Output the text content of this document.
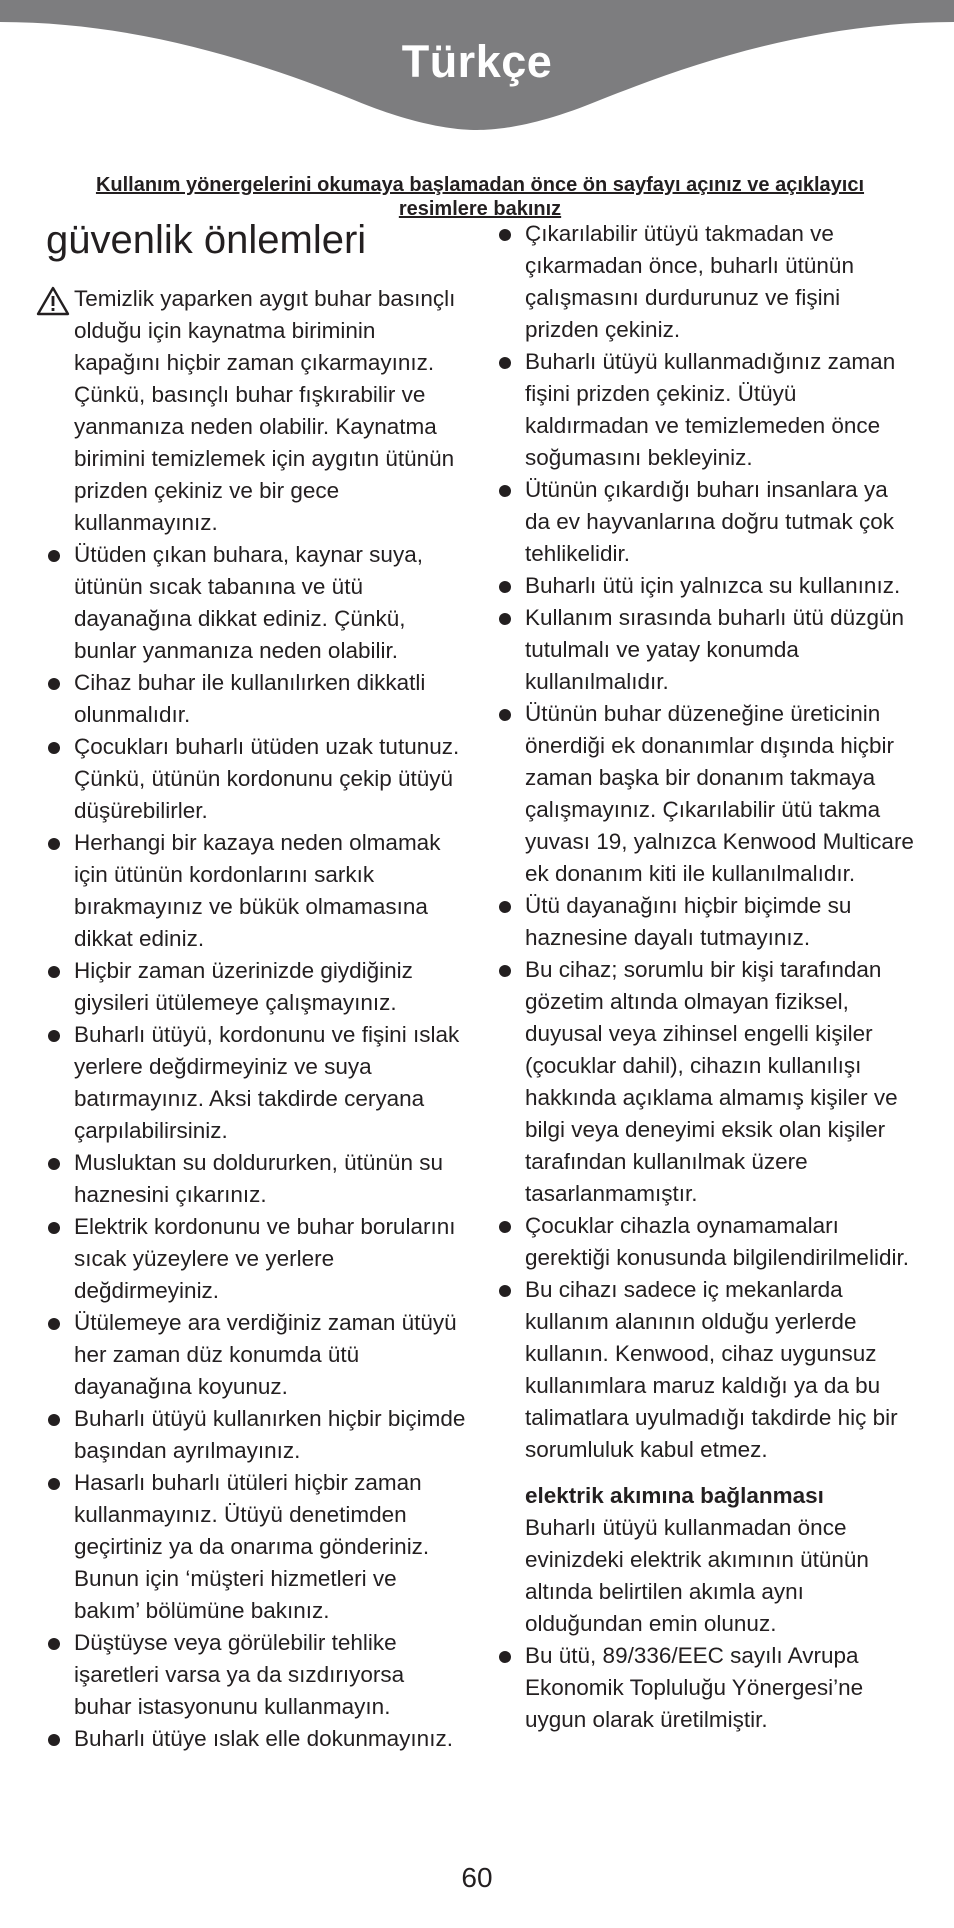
Türkçe
Kullanım yönergelerini okumaya başlamadan önce ön sayfayı açınız ve açıklayıcı resimlere bakınız
güvenlik önlemleri
Temizlik yaparken aygıt buhar basınçlı olduğu için kaynatma biriminin kapağını hiçbir zaman çıkarmayınız. Çünkü, basınçlı buhar fışkırabilir ve yanmanıza neden olabilir. Kaynatma birimini temizlemek için aygıtın ütünün prizden çekiniz ve bir gece kullanmayınız.
Ütüden çıkan buhara, kaynar suya, ütünün sıcak tabanına ve ütü dayanağına dikkat ediniz. Çünkü, bunlar yanmanıza neden olabilir.
Cihaz buhar ile kullanılırken dikkatli olunmalıdır.
Çocukları buharlı ütüden uzak tutunuz. Çünkü, ütünün kordonunu çekip ütüyü düşürebilirler.
Herhangi bir kazaya neden olmamak için ütünün kordonlarını sarkık bırakmayınız ve bükük olmamasına dikkat ediniz.
Hiçbir zaman üzerinizde giydiğiniz giysileri ütülemeye çalışmayınız.
Buharlı ütüyü, kordonunu ve fişini ıslak yerlere değdirmeyiniz ve suya batırmayınız. Aksi takdirde ceryana çarpılabilirsiniz.
Musluktan su doldururken, ütünün su haznesini çıkarınız.
Elektrik kordonunu ve buhar borularını sıcak yüzeylere ve yerlere değdirmeyiniz.
Ütülemeye ara verdiğiniz zaman ütüyü her zaman düz konumda ütü dayanağına koyunuz.
Buharlı ütüyü kullanırken hiçbir biçimde başından ayrılmayınız.
Hasarlı buharlı ütüleri hiçbir zaman kullanmayınız. Ütüyü denetimden geçirtiniz ya da onarıma gönderiniz. Bunun için ‘müşteri hizmetleri ve bakım’ bölümüne bakınız.
Düştüyse veya görülebilir tehlike işaretleri varsa ya da sızdırıyorsa buhar istasyonunu kullanmayın.
Buharlı ütüye ıslak elle dokunmayınız.
Çıkarılabilir ütüyü takmadan ve çıkarmadan önce, buharlı ütünün çalışmasını durdurunuz ve fişini prizden çekiniz.
Buharlı ütüyü kullanmadığınız zaman fişini prizden çekiniz. Ütüyü kaldırmadan ve temizlemeden önce soğumasını bekleyiniz.
Ütünün çıkardığı buharı insanlara ya da ev hayvanlarına doğru tutmak çok tehlikelidir.
Buharlı ütü için yalnızca su kullanınız.
Kullanım sırasında buharlı ütü düzgün tutulmalı ve yatay konumda kullanılmalıdır.
Ütünün buhar düzeneğine üreticinin önerdiği ek donanımlar dışında hiçbir zaman başka bir donanım takmaya çalışmayınız. Çıkarılabilir ütü takma yuvası 19, yalnızca Kenwood Multicare ek donanım kiti ile kullanılmalıdır.
Ütü dayanağını hiçbir biçimde su haznesine dayalı tutmayınız.
Bu cihaz; sorumlu bir kişi tarafından gözetim altında olmayan fiziksel, duyusal veya zihinsel engelli kişiler (çocuklar dahil), cihazın kullanılışı hakkında açıklama almamış kişiler ve bilgi veya deneyimi eksik olan kişiler tarafından kullanılmak üzere tasarlanmamıştır.
Çocuklar cihazla oynamamaları gerektiği konusunda bilgilendirilmelidir.
Bu cihazı sadece iç mekanlarda kullanım alanının olduğu yerlerde kullanın. Kenwood, cihaz uygunsuz kullanımlara maruz kaldığı ya da bu talimatlara uyulmadığı takdirde hiç bir sorumluluk kabul etmez.
elektrik akımına bağlanması
Buharlı ütüyü kullanmadan önce evinizdeki elektrik akımının ütünün altında belirtilen akımla aynı olduğundan emin olunuz.
Bu ütü, 89/336/EEC sayılı Avrupa Ekonomik Topluluğu Yönergesi’ne uygun olarak üretilmiştir.
60
